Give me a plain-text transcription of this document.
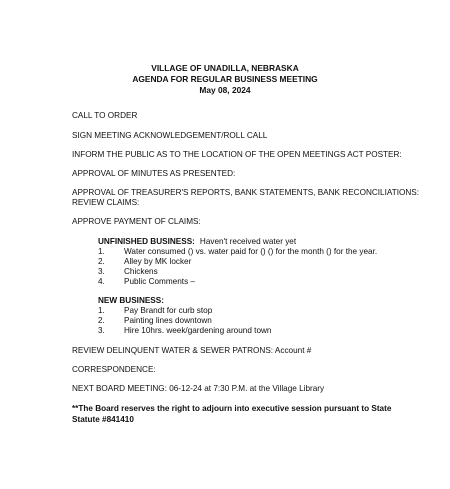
VILLAGE OF UNADILLA, NEBRASKA
AGENDA FOR REGULAR BUSINESS MEETING
May 08, 2024
CALL TO ORDER
SIGN MEETING ACKNOWLEDGEMENT/ROLL CALL
INFORM THE PUBLIC AS TO THE LOCATION OF THE OPEN MEETINGS ACT POSTER:
APPROVAL OF MINUTES AS PRESENTED:
APPROVAL OF TREASURER'S REPORTS, BANK STATEMENTS, BANK RECONCILIATIONS:
REVIEW CLAIMS:
APPROVE PAYMENT OF CLAIMS:
UNFINISHED BUSINESS: Haven't received water yet
1. Water consumed () vs. water paid for () () for the month () for the year.
2. Alley by MK locker
3. Chickens
4. Public Comments –
NEW BUSINESS:
1. Pay Brandt for curb stop
2. Painting lines downtown
3. Hire 10hrs. week/gardening around town
REVIEW DELINQUENT WATER & SEWER PATRONS: Account #
CORRESPONDENCE:
NEXT BOARD MEETING: 06-12-24 at 7:30 P.M. at the Village Library
**The Board reserves the right to adjourn into executive session pursuant to State Statute #841410
